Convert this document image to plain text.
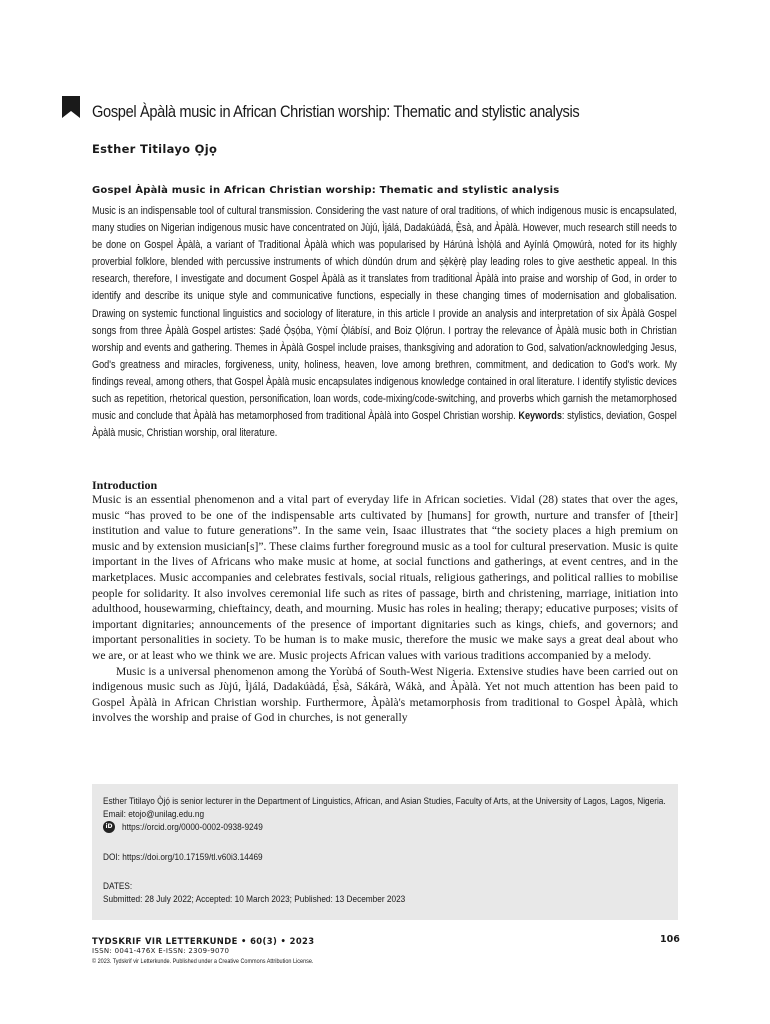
Gospel Àpàlà music in African Christian worship: Thematic and stylistic analysis
Esther Titilayo Ọjọ
Gospel Àpàlà music in African Christian worship: Thematic and stylistic analysis
Music is an indispensable tool of cultural transmission. Considering the vast nature of oral traditions, of which indigenous music is encapsulated, many studies on Nigerian indigenous music have concentrated on Jùjú, Ìjálá, Dadakúàdá, Ẹ̀sà, and Àpàlà. However, much research still needs to be done on Gospel Àpàlà, a variant of Traditional Àpàlà which was popularised by Hárúnà Ìshọ̀lá and Ayínlá Ọmọwúrà, noted for its highly proverbial folklore, blended with percussive instruments of which dùndún drum and ṣẹ̀kẹ̀rẹ̀ play leading roles to give aesthetic appeal. In this research, therefore, I investigate and document Gospel Àpàlà as it translates from traditional Àpàlà into praise and worship of God, in order to identify and describe its unique style and communicative functions, especially in these changing times of modernisation and globalisation. Drawing on systemic functional linguistics and sociology of literature, in this article I provide an analysis and interpretation of six Àpàlà Gospel songs from three Àpàlà Gospel artistes: Ṣadé Ọ̀ṣọ́ba, Yọ̀mí Ọ̀lábísí, and Boiz Ọlọ́run. I portray the relevance of Àpàlà music both in Christian worship and events and gathering. Themes in Àpàlà Gospel include praises, thanksgiving and adoration to God, salvation/acknowledging Jesus, God's greatness and miracles, forgiveness, unity, holiness, heaven, love among brethren, commitment, and dedication to God's work. My findings reveal, among others, that Gospel Àpàlà music encapsulates indigenous knowledge contained in oral literature. I identify stylistic devices such as repetition, rhetorical question, personification, loan words, code-mixing/code-switching, and proverbs which garnish the metamorphosed music and conclude that Àpàlà has metamorphosed from traditional Àpàlà into Gospel Christian worship. Keywords: stylistics, deviation, Gospel Àpàlà music, Christian worship, oral literature.
Introduction

Music is an essential phenomenon and a vital part of everyday life in African societies. Vidal (28) states that over the ages, music “has proved to be one of the indispensable arts cultivated by [humans] for growth, nurture and transfer of [their] institution and value to future generations”. In the same vein, Isaac illustrates that “the society places a high premium on music and by extension musician[s]”. These claims further foreground music as a tool for cultural preservation. Music is quite important in the lives of Africans who make music at home, at social functions and gatherings, at event centres, and in the marketplaces. Music accompanies and celebrates festivals, social rituals, religious gatherings, and political rallies to mobilise people for solidarity. It also involves ceremonial life such as rites of passage, birth and christening, marriage, initiation into adulthood, housewarming, chieftaincy, death, and mourning. Music has roles in healing; therapy; educative purposes; visits of important dignitaries; announcements of the presence of important dignitaries such as kings, chiefs, and governors; and important personalities in society. To be human is to make music, therefore the music we make says a great deal about who we are, or at least who we think we are. Music projects African values with various traditions accompanied by a melody.

Music is a universal phenomenon among the Yorùbá of South-West Nigeria. Extensive studies have been carried out on indigenous music such as Jùjú, Ìjálá, Dadakúàdá, Ẹ̀sà, Sákárà, Wákà, and Àpàlà. Yet not much attention has been paid to Gospel Àpàlà in African Christian worship. Furthermore, Àpàlà's metamorphosis from traditional to Gospel Àpàlà, which involves the worship and praise of God in churches, is not generally

Esther Titilayo Ọ̀jọ́ is senior lecturer in the Department of Linguistics, African, and Asian Studies, Faculty of Arts, at the University of Lagos, Lagos, Nigeria.
Email: etojo@unilag.edu.ng
iD https://orcid.org/0000-0002-0938-9249
DOI: https://doi.org/10.17159/tl.v60i3.14469
DATES:
Submitted: 28 July 2022; Accepted: 10 March 2023; Published: 13 December 2023
TYDSKRIF VIR LETTERKUNDE • 60(3) • 2023	106
ISSN: 0041-476X E-ISSN: 2309-9070
© 2023. Tydskrif vir Letterkunde. Published under a Creative Commons Attribution License.
